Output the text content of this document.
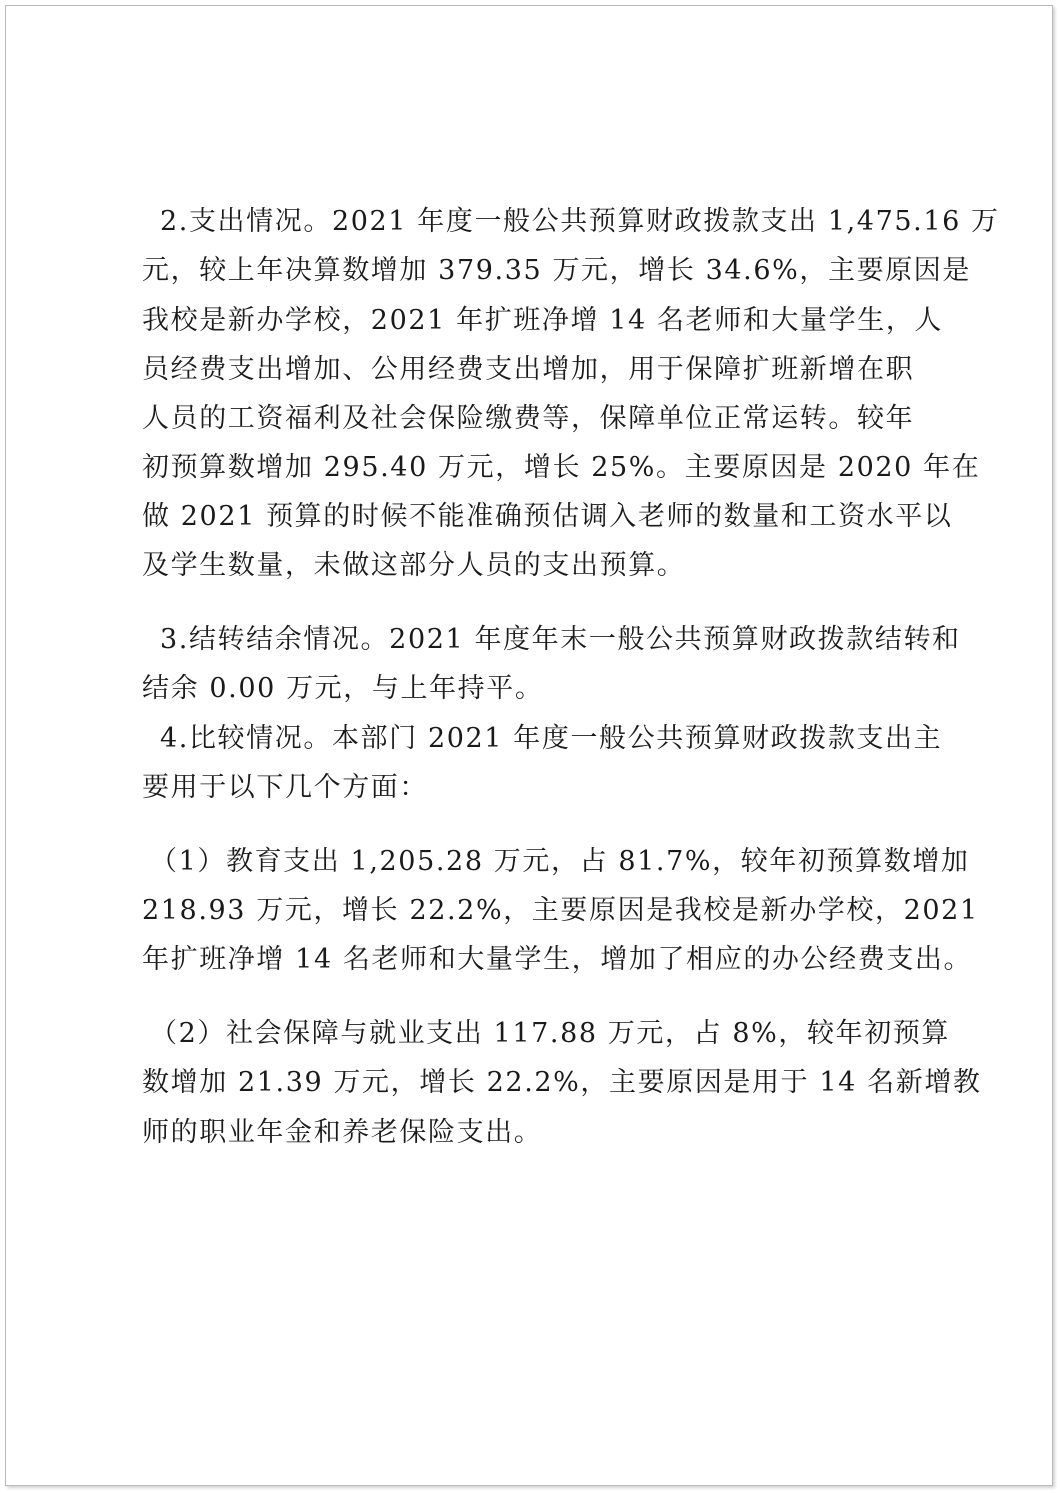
2.支出情况。2021 年度一般公共预算财政拨款支出 1,475.16 万
元，较上年决算数增加 379.35 万元，增长 34.6%，主要原因是
我校是新办学校，2021 年扩班净增 14 名老师和大量学生，人
员经费支出增加、公用经费支出增加，用于保障扩班新增在职
人员的工资福利及社会保险缴费等，保障单位正常运转。较年
初预算数增加 295.40 万元，增长 25%。主要原因是 2020 年在
做 2021 预算的时候不能准确预估调入老师的数量和工资水平以
及学生数量，未做这部分人员的支出预算。
3.结转结余情况。2021 年度年末一般公共预算财政拨款结转和
结余 0.00 万元，与上年持平。
4.比较情况。本部门 2021 年度一般公共预算财政拨款支出主
要用于以下几个方面：
（1）教育支出 1,205.28 万元，占 81.7%，较年初预算数增加
218.93 万元，增长 22.2%，主要原因是我校是新办学校，2021
年扩班净增 14 名老师和大量学生，增加了相应的办公经费支出。
（2）社会保障与就业支出 117.88 万元，占 8%，较年初预算
数增加 21.39 万元，增长 22.2%，主要原因是用于 14 名新增教
师的职业年金和养老保险支出。
